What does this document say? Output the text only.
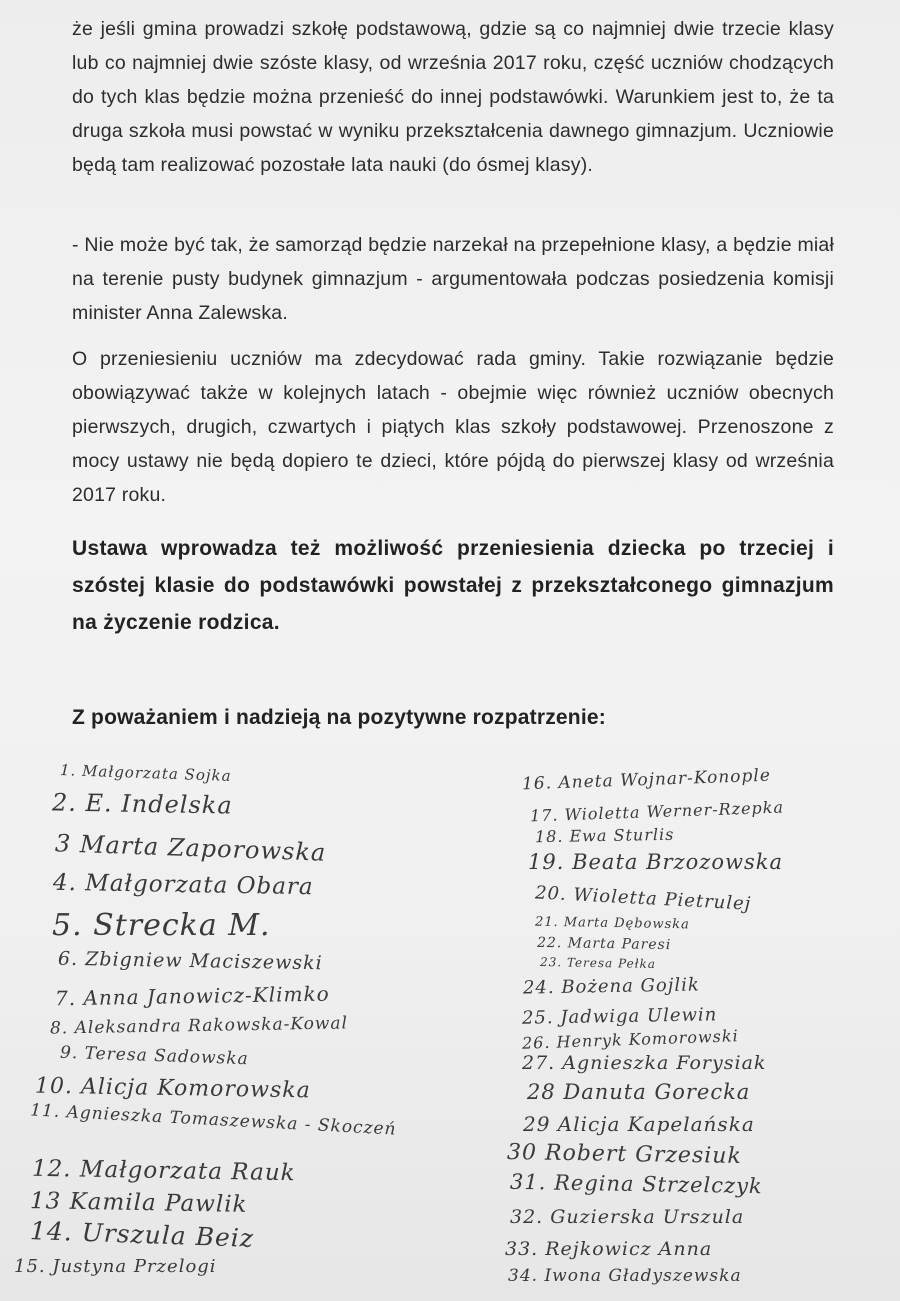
że jeśli gmina prowadzi szkołę podstawową, gdzie są co najmniej dwie trzecie klasy lub co najmniej dwie szóste klasy, od września 2017 roku, część uczniów chodzących do tych klas będzie można przenieść do innej podstawówki. Warunkiem jest to, że ta druga szkoła musi powstać w wyniku przekształcenia dawnego gimnazjum. Uczniowie będą tam realizować pozostałe lata nauki (do ósmej klasy).

- Nie może być tak, że samorząd będzie narzekał na przepełnione klasy, a będzie miał na terenie pusty budynek gimnazjum - argumentowała podczas posiedzenia komisji minister Anna Zalewska.

O przeniesieniu uczniów ma zdecydować rada gminy. Takie rozwiązanie będzie obowiązywać także w kolejnych latach - obejmie więc również uczniów obecnych pierwszych, drugich, czwartych i piątych klas szkoły podstawowej. Przenoszone z mocy ustawy nie będą dopiero te dzieci, które pójdą do pierwszej klasy od września 2017 roku.

Ustawa wprowadza też możliwość przeniesienia dziecka po trzeciej i szóstej klasie do podstawówki powstałej z przekształconego gimnazjum na życzenie rodzica.

Z poważaniem i nadzieją na pozytywne rozpatrzenie:

1. Małgorzata Sojka
2. E. Indelska
3 Marta Zaporowska
4. Małgorzata Obara
5. Strecka M.
6. Zbigniew Maciszewski
7. Anna Janowicz-Klimko
8. Aleksandra Rakowska-Kowal
9. Teresa Sadowska
10. Alicja Komorowska
11. Agnieszka Tomaszewska - Skoczeń
12. Małgorzata Rauk
13 Kamila Pawlik
14. Urszula Beiz
15. Justyna Przelogi
16. Aneta Wojnar-Konople
17. Wioletta Werner-Rzepka
18. Ewa Sturlis
19. Beata Brzozowska
20. Wioletta Pietrulej
21. Marta Dębowska
22. Marta Paresi
23. Teresa Pełka
24. Bożena Gojlik
25. Jadwiga Ulewin
26. Henryk Komorowski
27. Agnieszka Forysiak
28 Danuta Gorecka
29 Alicja Kapelańska
30 Robert Grzesiuk
31. Regina Strzelczyk
32. Guzierska Urszula
33. Rejkowicz Anna
34. Iwona Gładyszewska
